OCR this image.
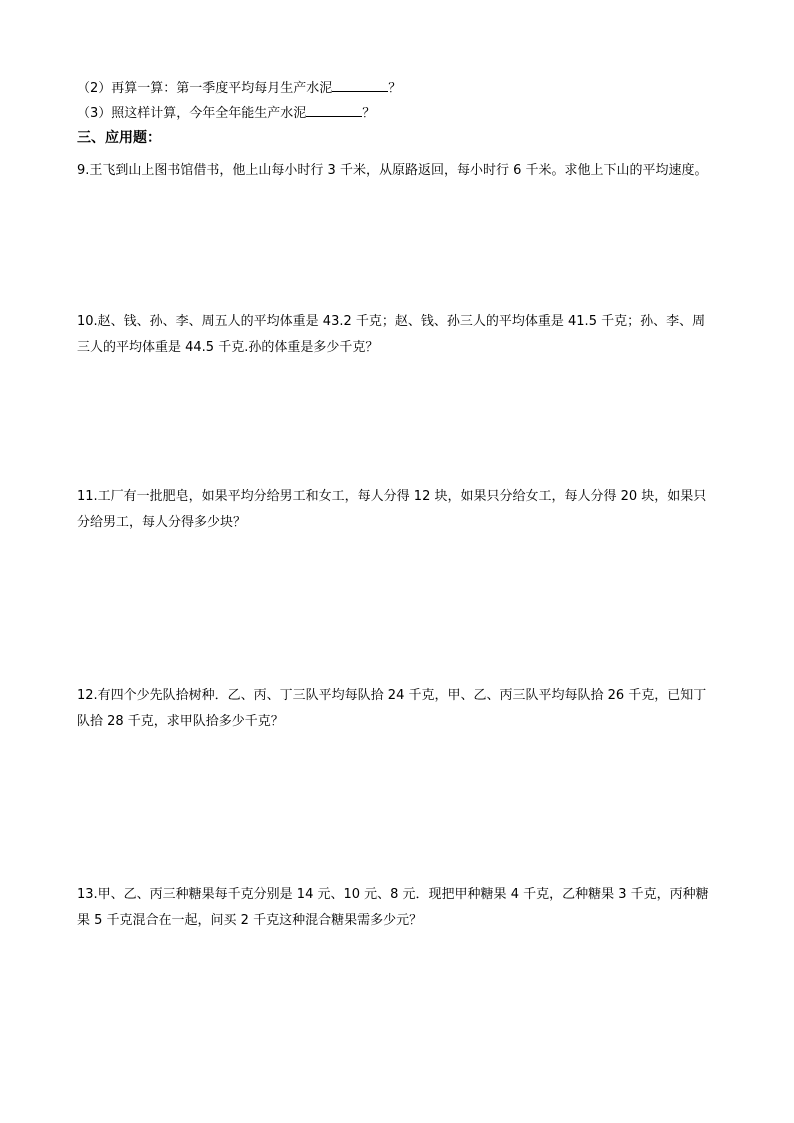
（2）再算一算：第一季度平均每月生产水泥	？
（3）照这样计算，今年全年能生产水泥	？
三、应用题：
9.王飞到山上图书馆借书，他上山每小时行 3 千米，从原路返回，每小时行 6 千米。求他上下山的平均速度。
10.赵、钱、孙、李、周五人的平均体重是 43.2 千克；赵、钱、孙三人的平均体重是 41.5 千克；孙、李、周三人的平均体重是 44.5 千克.孙的体重是多少千克？
11.工厂有一批肥皂，如果平均分给男工和女工，每人分得 12 块，如果只分给女工，每人分得 20 块，如果只分给男工，每人分得多少块？
12.有四个少先队拾树种．乙、丙、丁三队平均每队拾 24 千克，甲、乙、丙三队平均每队拾 26 千克，已知丁队拾 28 千克，求甲队拾多少千克？
13.甲、乙、丙三种糖果每千克分别是 14 元、10 元、8 元．现把甲种糖果 4 千克，乙种糖果 3 千克，丙种糖果 5 千克混合在一起，问买 2 千克这种混合糖果需多少元？
